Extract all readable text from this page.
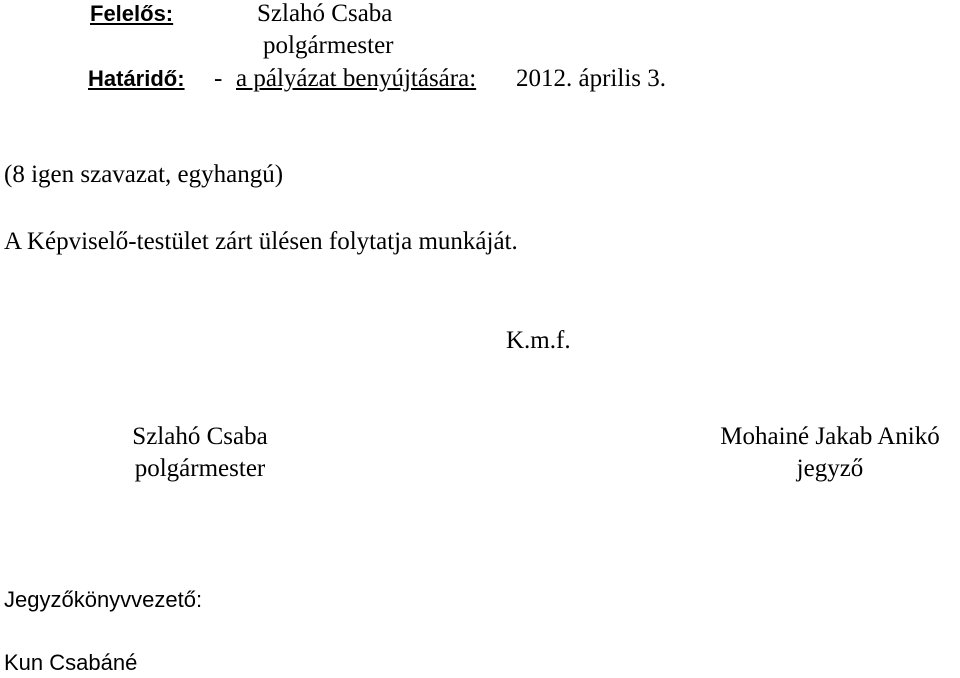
Felelős:	Szlahó Csaba
polgármester
Határidő: - a pályázat benyújtására: 2012. április 3.
(8 igen szavazat, egyhangú)
A Képviselő-testület zárt ülésen folytatja munkáját.
K.m.f.
Szlahó Csaba
polgármester
Mohainé Jakab Anikó
jegyző
Jegyzőkönyvvezető:
Kun Csabáné
